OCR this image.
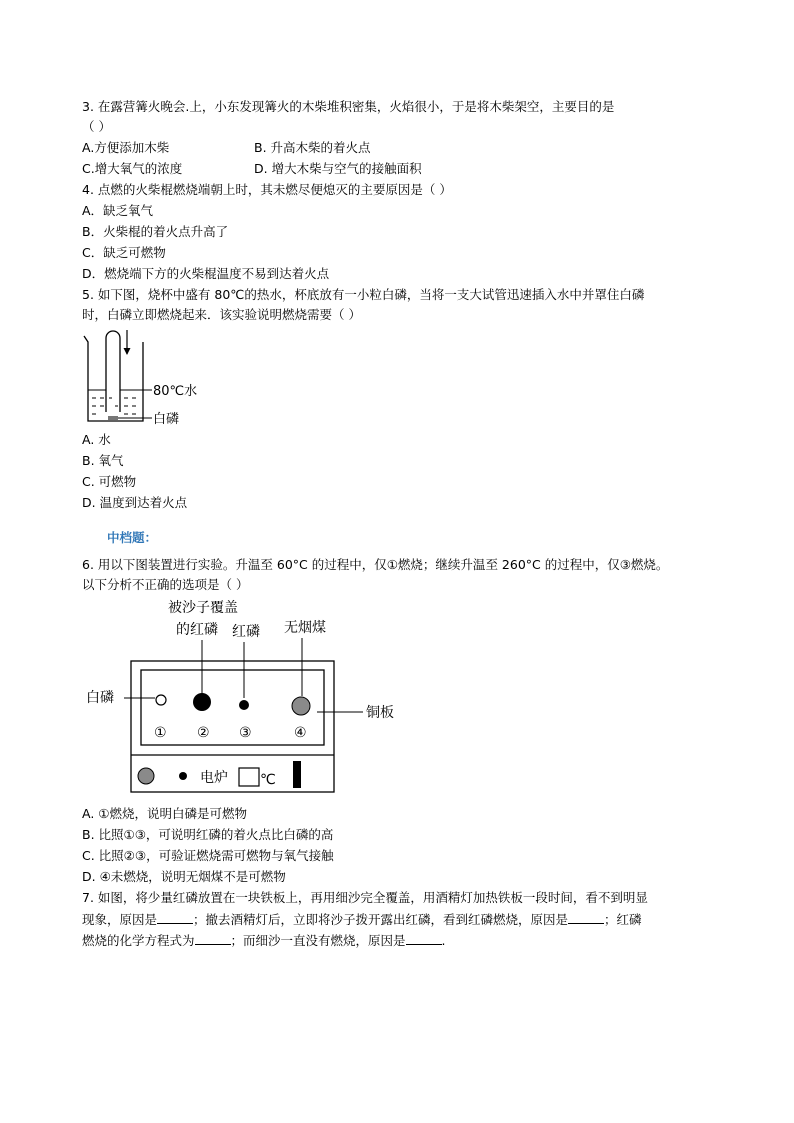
3. 在露营篝火晚会.上，小东发现篝火的木柴堆积密集，火焰很小，于是将木柴架空，主要目的是
（ ）
A.方便添加木柴	B. 升高木柴的着火点
C.增大氧气的浓度	D. 增大木柴与空气的接触面积
4. 点燃的火柴棍燃烧端朝上时，其未燃尽便熄灭的主要原因是（ ）
A．缺乏氧气
B．火柴棍的着火点升高了
C．缺乏可燃物
D．燃烧端下方的火柴棍温度不易到达着火点
5. 如下图，烧杯中盛有 80℃的热水，杯底放有一小粒白磷，当将一支大试管迅速插入水中并罩住白磷
时，白磷立即燃烧起来．该实验说明燃烧需要（ ）
80℃水
白磷
A. 水
B. 氧气
C. 可燃物
D. 温度到达着火点
中档题：
6. 用以下图装置进行实验。升温至 60°C 的过程中，仅①燃烧；继续升温至 260°C 的过程中，仅③燃烧。
以下分析不正确的选项是（ ）
被沙子覆盖
的红磷 红磷 无烟煤
① ② ③	④
白磷
铜板
电炉 ℃
A. ①燃烧，说明白磷是可燃物
B. 比照①③，可说明红磷的着火点比白磷的高
C. 比照②③，可验证燃烧需可燃物与氧气接触
D. ④未燃烧，说明无烟煤不是可燃物
7. 如图，将少量红磷放置在一块铁板上，再用细沙完全覆盖，用酒精灯加热铁板一段时间，看不到明显
现象，原因是	；撤去酒精灯后，立即将沙子拨开露出红磷，看到红磷燃烧，原因是	；红磷
燃烧的化学方程式为	；而细沙一直没有燃烧，原因是	.
